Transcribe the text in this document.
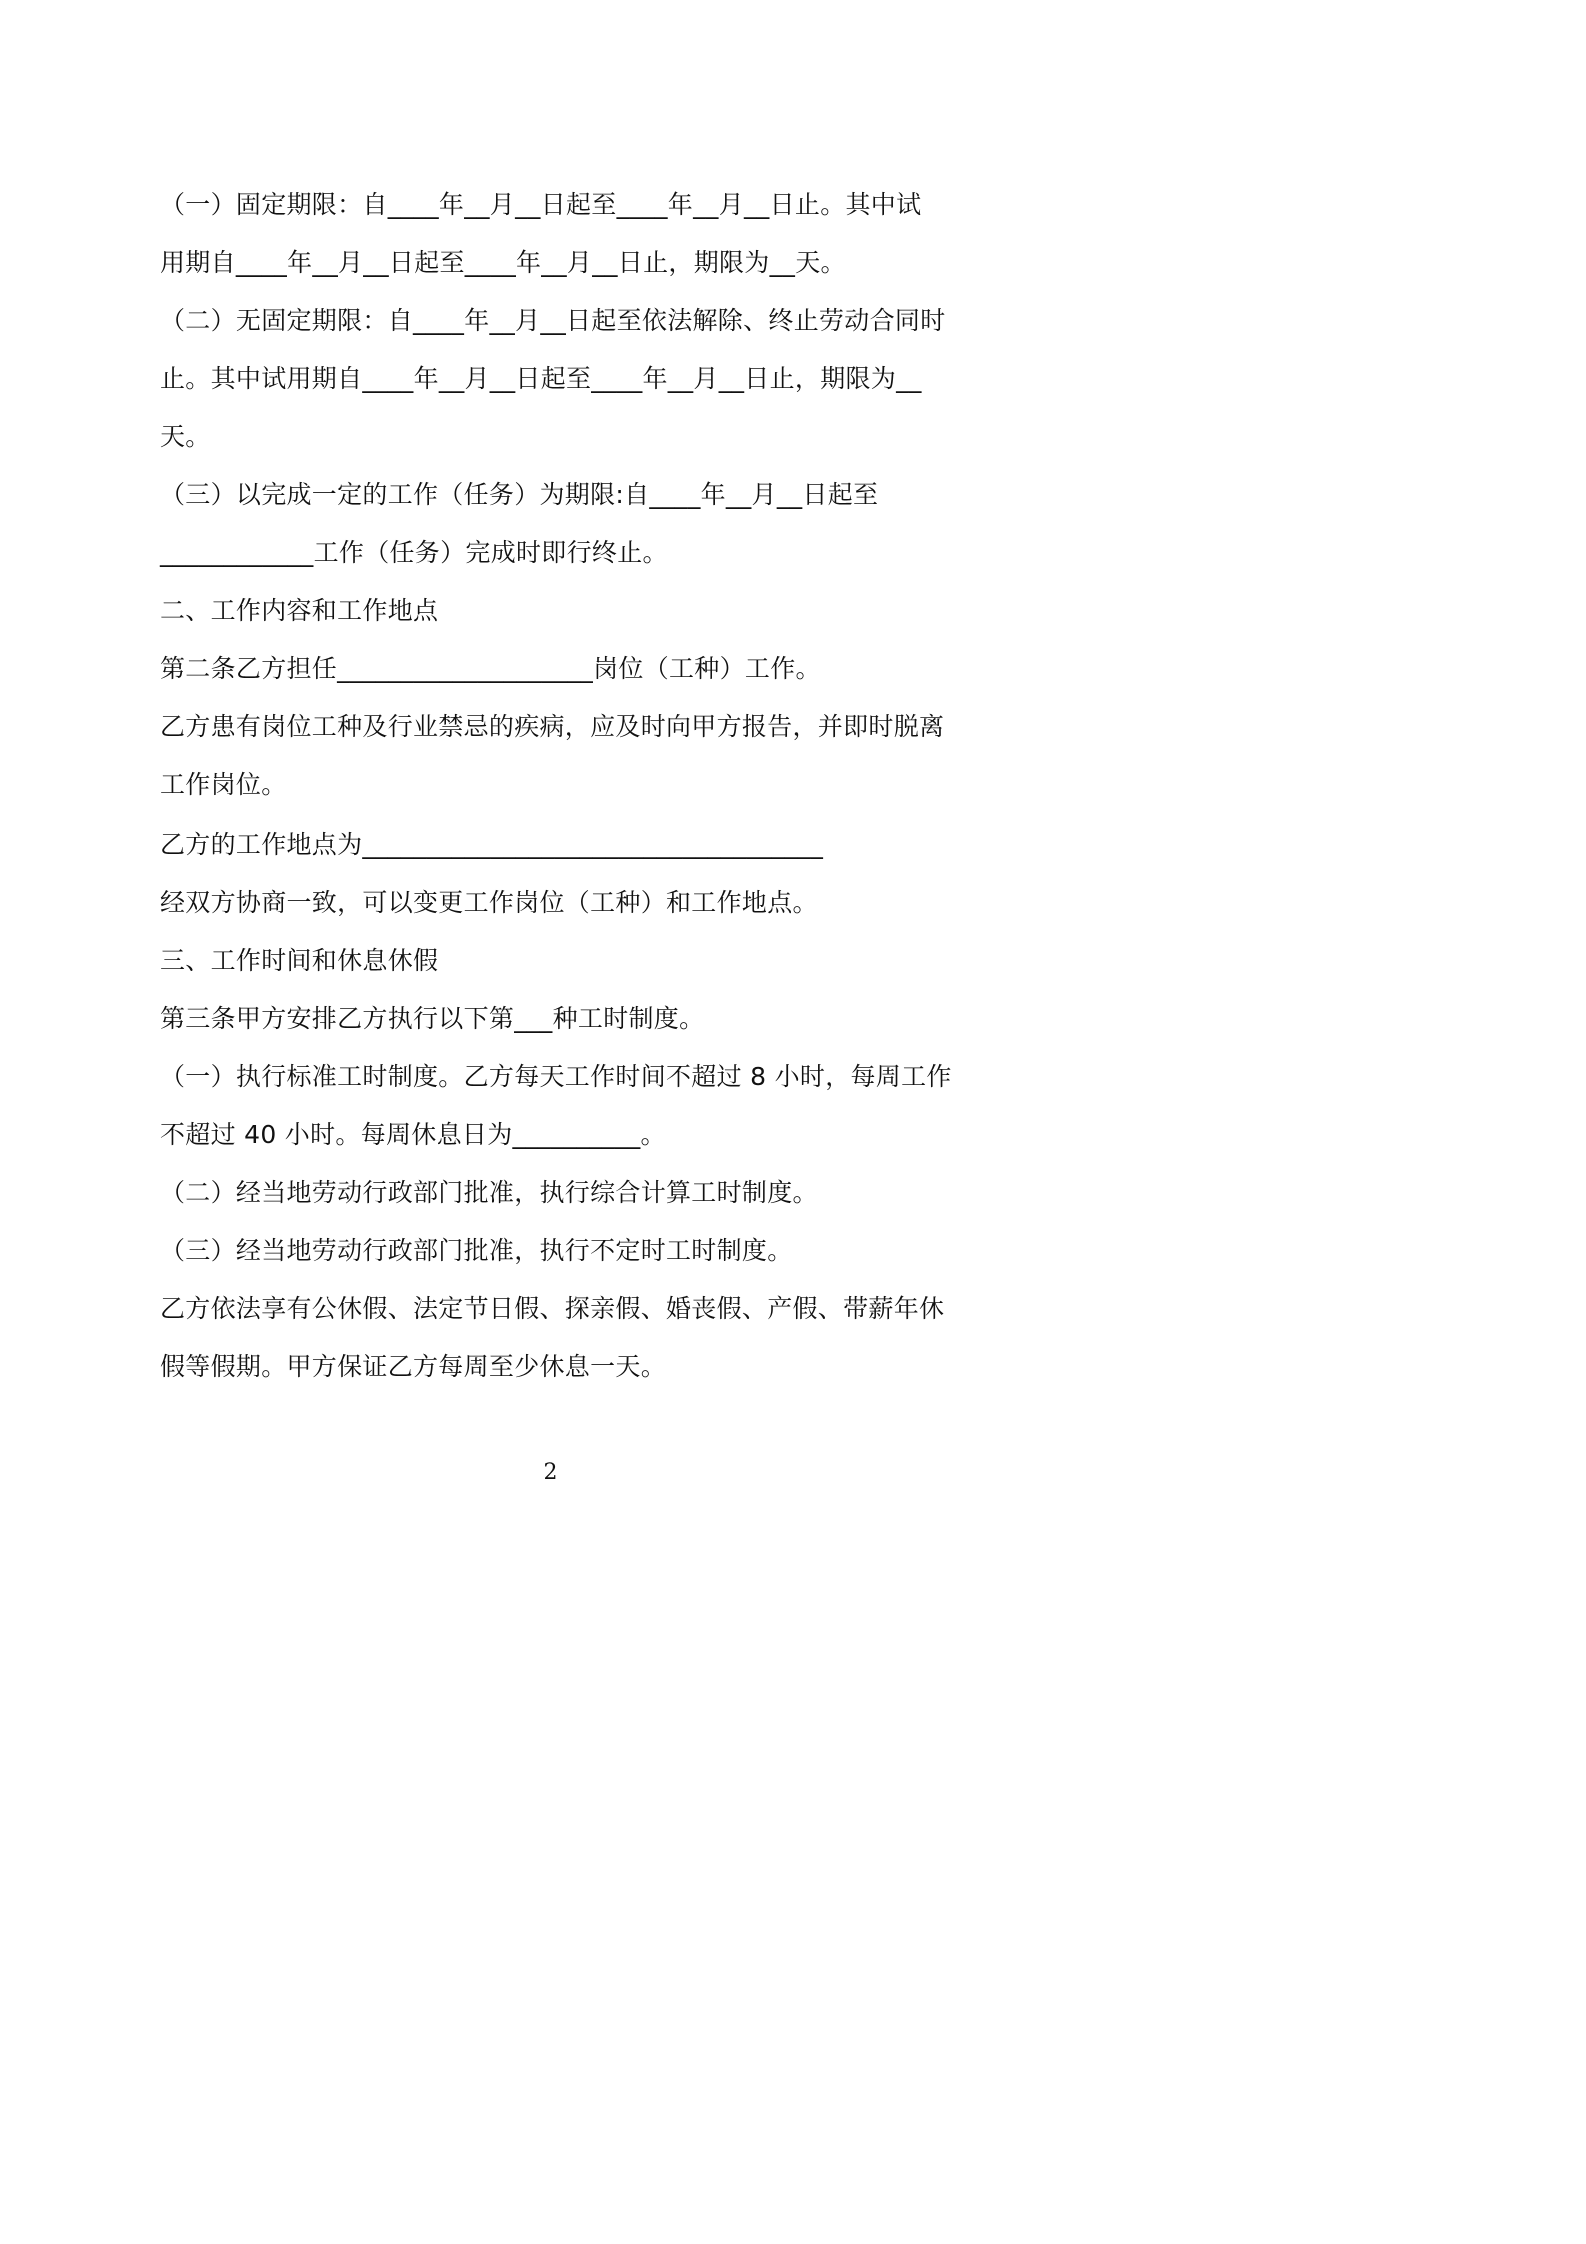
（一）固定期限：自____年__月__日起至____年__月__日止。其中试
用期自____年__月__日起至____年__月__日止，期限为__天。
（二）无固定期限：自____年__月__日起至依法解除、终止劳动合同时
止。其中试用期自____年__月__日起至____年__月__日止，期限为__
天。
（三）以完成一定的工作（任务）为期限:自____年__月__日起至
____________工作（任务）完成时即行终止。
二、工作内容和工作地点
第二条乙方担任____________________岗位（工种）工作。
乙方患有岗位工种及行业禁忌的疾病，应及时向甲方报告，并即时脱离
工作岗位。
乙方的工作地点为____________________________________
经双方协商一致，可以变更工作岗位（工种）和工作地点。
三、工作时间和休息休假
第三条甲方安排乙方执行以下第___种工时制度。
（一）执行标准工时制度。乙方每天工作时间不超过 8 小时，每周工作
不超过 40 小时。每周休息日为__________。
（二）经当地劳动行政部门批准，执行综合计算工时制度。
（三）经当地劳动行政部门批准，执行不定时工时制度。
乙方依法享有公休假、法定节日假、探亲假、婚丧假、产假、带薪年休
假等假期。甲方保证乙方每周至少休息一天。
2
